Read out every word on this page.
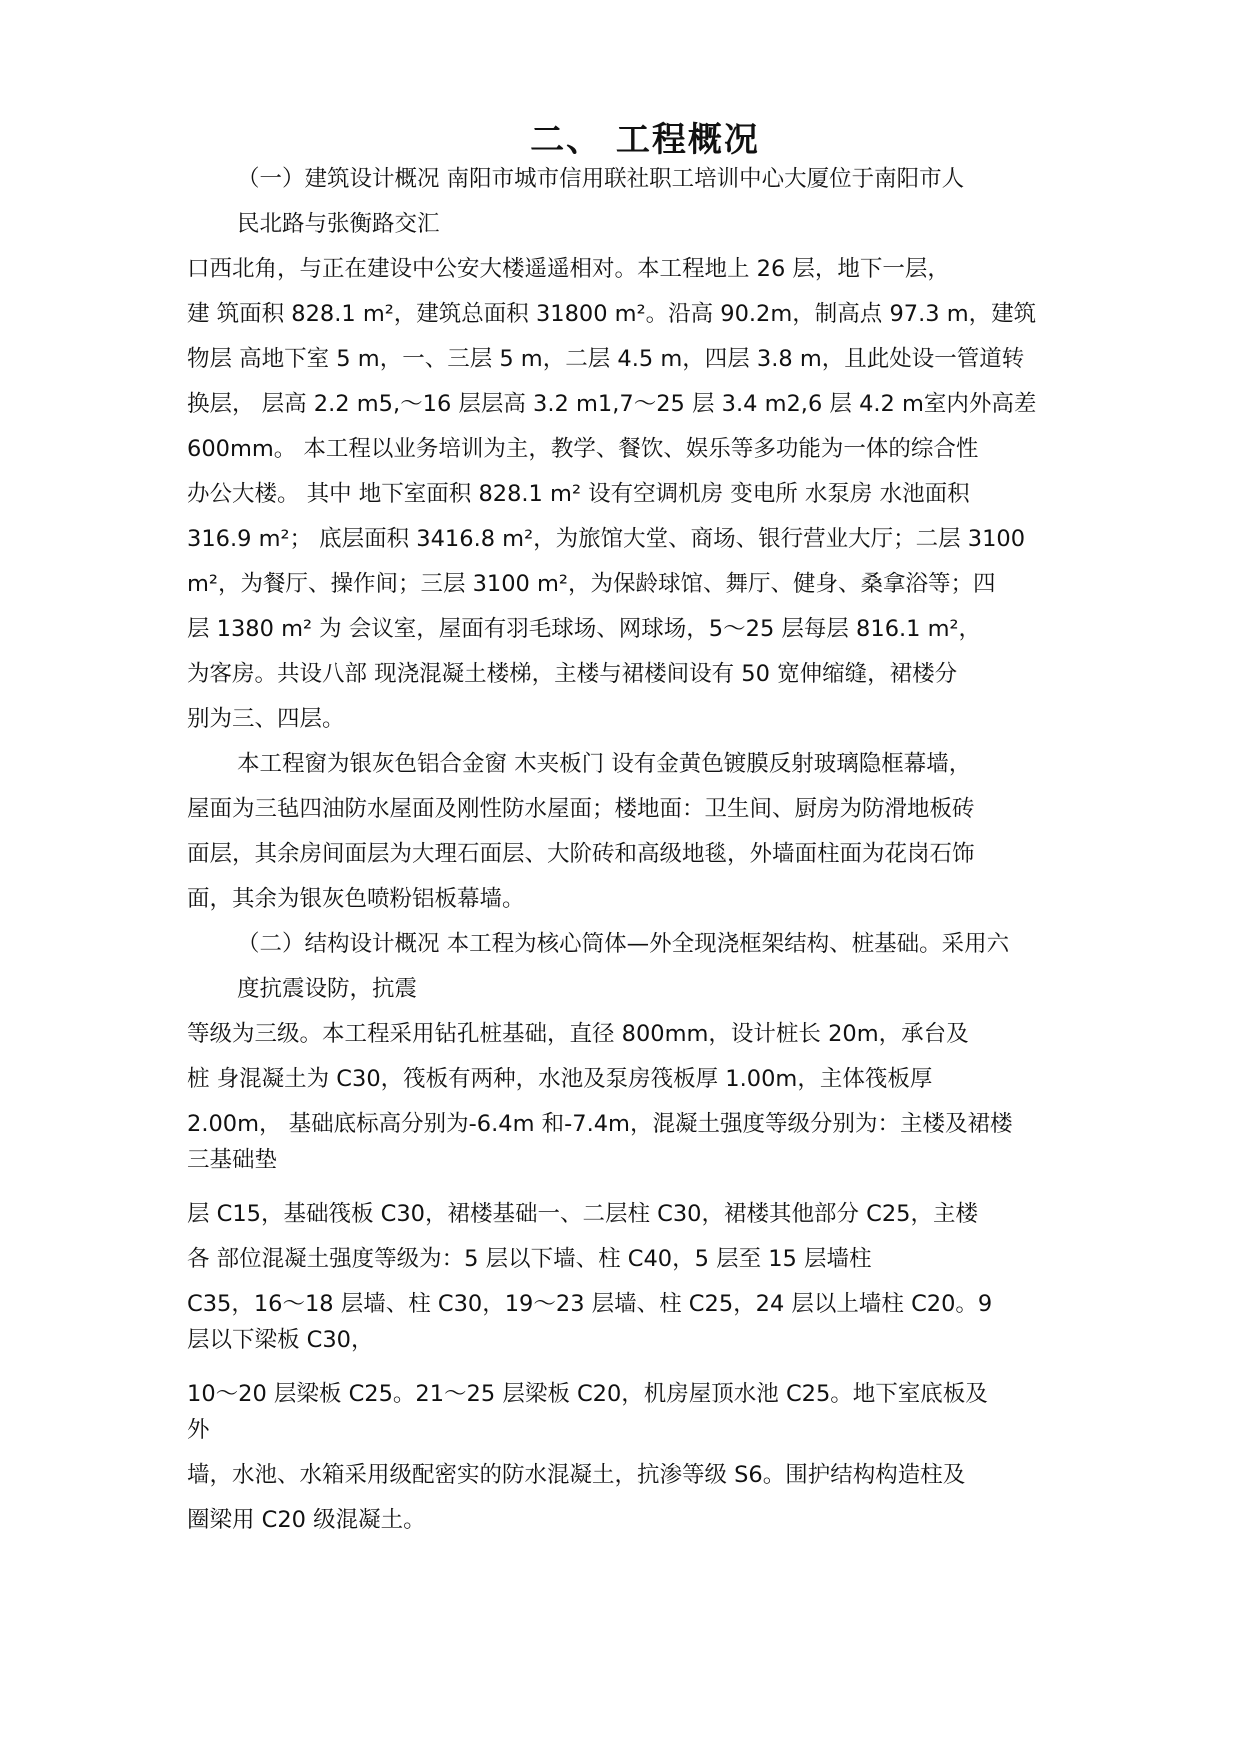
二、 工程概况

（一）建筑设计概况 南阳市城市信用联社职工培训中心大厦位于南阳市人

民北路与张衡路交汇

口西北角，与正在建设中公安大楼遥遥相对。本工程地上 26 层，地下一层，

建 筑面积 828.1 m²，建筑总面积 31800 m²。沿高 90.2m，制高点 97.3 m，建筑

物层 高地下室 5 m，一、三层 5 m，二层 4.5 m，四层 3.8 m，且此处设一管道转

换层， 层高 2.2 m5,～16 层层高 3.2 m1,7～25 层 3.4 m2,6 层 4.2 m室内外高差

600mm。 本工程以业务培训为主，教学、餐饮、娱乐等多功能为一体的综合性

办公大楼。 其中 地下室面积 828.1 m² 设有空调机房 变电所 水泵房 水池面积

316.9 m²； 底层面积 3416.8 m²，为旅馆大堂、商场、银行营业大厅；二层 3100

m²，为餐厅、操作间；三层 3100 m²，为保龄球馆、舞厅、健身、桑拿浴等；四

层 1380 m² 为 会议室，屋面有羽毛球场、网球场，5～25 层每层 816.1 m²，

为客房。共设八部 现浇混凝土楼梯，主楼与裙楼间设有 50 宽伸缩缝，裙楼分

别为三、四层。

本工程窗为银灰色铝合金窗 木夹板门 设有金黄色镀膜反射玻璃隐框幕墙，

屋面为三毡四油防水屋面及刚性防水屋面；楼地面：卫生间、厨房为防滑地板砖

面层，其余房间面层为大理石面层、大阶砖和高级地毯，外墙面柱面为花岗石饰

面，其余为银灰色喷粉铝板幕墙。

（二）结构设计概况 本工程为核心筒体—外全现浇框架结构、桩基础。采用六

度抗震设防，抗震

等级为三级。本工程采用钻孔桩基础，直径 800mm，设计桩长 20m，承台及

桩 身混凝土为 C30，筏板有两种，水池及泵房筏板厚 1.00m，主体筏板厚

2.00m， 基础底标高分别为-6.4m 和-7.4m，混凝土强度等级分别为：主楼及裙楼

三基础垫

层 C15，基础筏板 C30，裙楼基础一、二层柱 C30，裙楼其他部分 C25，主楼

各 部位混凝土强度等级为：5 层以下墙、柱 C40，5 层至 15 层墙柱

C35，16～18 层墙、柱 C30，19～23 层墙、柱 C25，24 层以上墙柱 C20。9

层以下梁板 C30，

10～20 层梁板 C25。21～25 层梁板 C20，机房屋顶水池 C25。地下室底板及

外

墙，水池、水箱采用级配密实的防水混凝土，抗渗等级 S6。围护结构构造柱及

圈梁用 C20 级混凝土。
